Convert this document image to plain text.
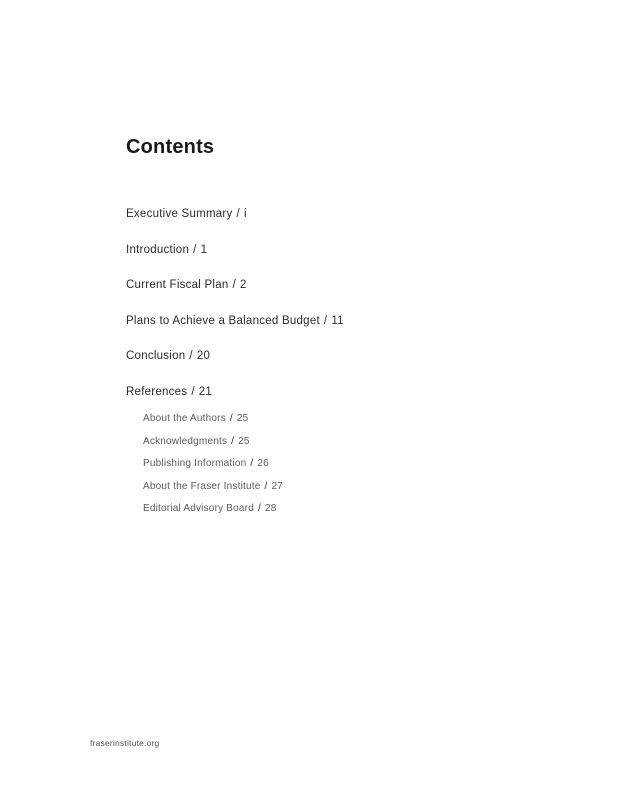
Contents
Executive Summary / i
Introduction / 1
Current Fiscal Plan / 2
Plans to Achieve a Balanced Budget / 11
Conclusion / 20
References / 21
About the Authors / 25
Acknowledgments / 25
Publishing Information / 26
About the Fraser Institute / 27
Editorial Advisory Board / 28
fraserinstitute.org
